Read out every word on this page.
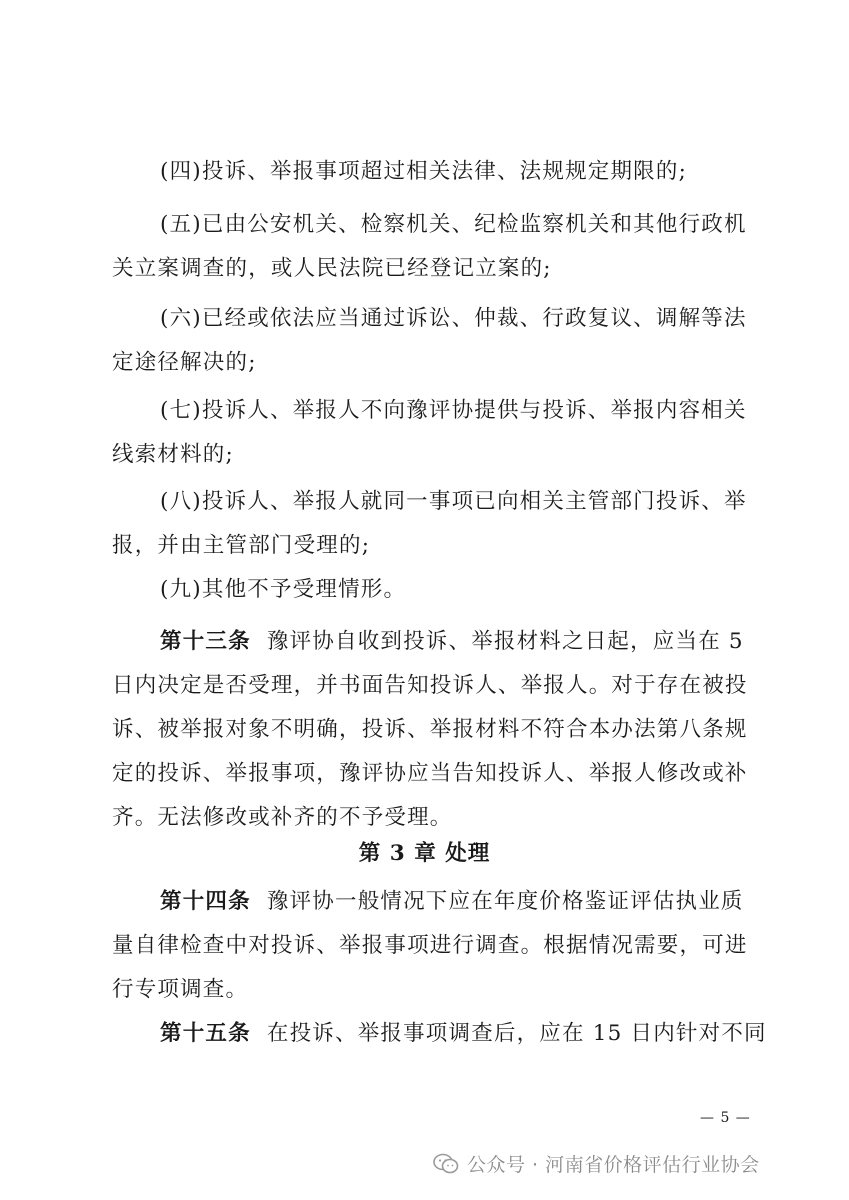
(四)投诉、举报事项超过相关法律、法规规定期限的;
(五)已由公安机关、检察机关、纪检监察机关和其他行政机
关立案调查的，或人民法院已经登记立案的;
(六)已经或依法应当通过诉讼、仲裁、行政复议、调解等法
定途径解决的;
(七)投诉人、举报人不向豫评协提供与投诉、举报内容相关
线索材料的;
(八)投诉人、举报人就同一事项已向相关主管部门投诉、举
报，并由主管部门受理的;
(九)其他不予受理情形。
第十三条 豫评协自收到投诉、举报材料之日起，应当在 5
日内决定是否受理，并书面告知投诉人、举报人。对于存在被投
诉、被举报对象不明确，投诉、举报材料不符合本办法第八条规
定的投诉、举报事项，豫评协应当告知投诉人、举报人修改或补
齐。无法修改或补齐的不予受理。
第 3 章 处理
第十四条 豫评协一般情况下应在年度价格鉴证评估执业质
量自律检查中对投诉、举报事项进行调查。根据情况需要，可进
行专项调查。
第十五条 在投诉、举报事项调查后，应在 15 日内针对不同
— 5 —
公众号 · 河南省价格评估行业协会
